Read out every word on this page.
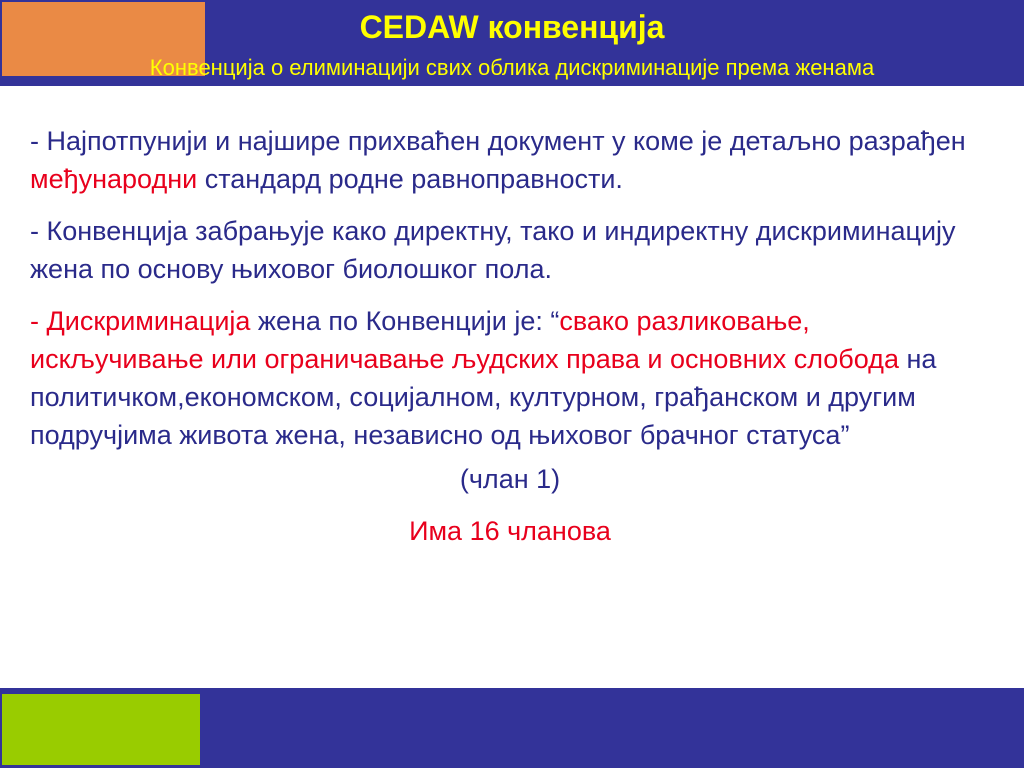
CEDAW конвенција
Конвенција о елиминацији свих облика дискриминације према женама

- Најпотпунији и најшире прихваћен документ у коме је детаљно разрађен међународни стандард родне равноправности.

- Конвенција забрањује како директну, тако и индиректну дискриминацију жена по основу њиховог биолошког пола.

- Дискриминација жена по Конвенцији је: “свако разликовање, искључивање или ограничавање људских права и основних слобода на политичком,економском, социјалном, културном, грађанском и другим подручјима живота жена, независно од њиховог брачног статуса”

(члан 1)

Има 16 чланова
